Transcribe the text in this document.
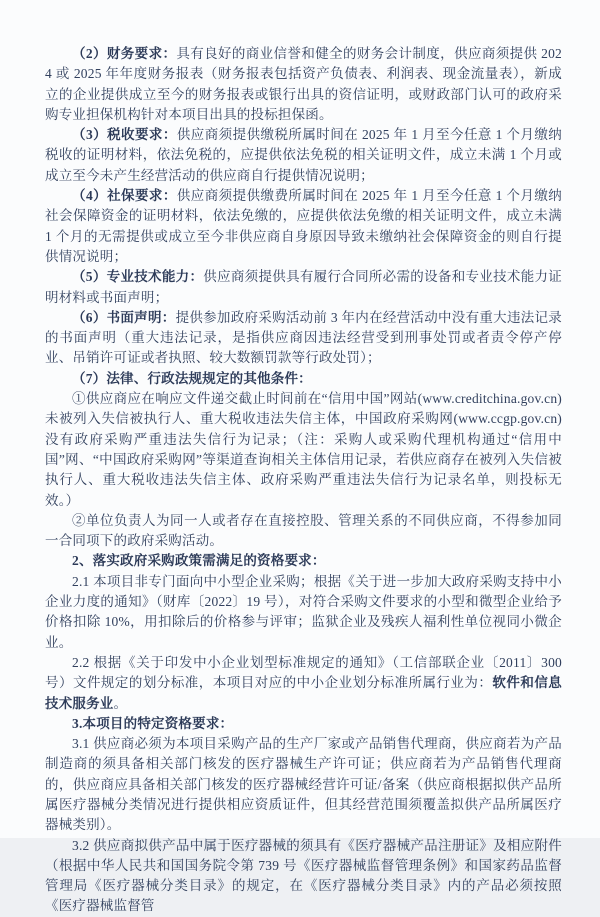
（2）财务要求：具有良好的商业信誉和健全的财务会计制度，供应商须提供 2024 或 2025 年年度财务报表（财务报表包括资产负债表、利润表、现金流量表），新成立的企业提供成立至今的财务报表或银行出具的资信证明，或财政部门认可的政府采购专业担保机构针对本项目出具的投标担保函。

（3）税收要求：供应商须提供缴税所属时间在 2025 年 1 月至今任意 1 个月缴纳税收的证明材料，依法免税的，应提供依法免税的相关证明文件，成立未满 1 个月或成立至今未产生经营活动的供应商自行提供情况说明；

（4）社保要求：供应商须提供缴费所属时间在 2025 年 1 月至今任意 1 个月缴纳社会保障资金的证明材料，依法免缴的，应提供依法免缴的相关证明文件，成立未满 1 个月的无需提供或成立至今非供应商自身原因导致未缴纳社会保障资金的则自行提供情况说明；

（5）专业技术能力：供应商须提供具有履行合同所必需的设备和专业技术能力证明材料或书面声明；

（6）书面声明：提供参加政府采购活动前 3 年内在经营活动中没有重大违法记录的书面声明（重大违法记录，是指供应商因违法经营受到刑事处罚或者责令停产停业、吊销许可证或者执照、较大数额罚款等行政处罚）；

（7）法律、行政法规规定的其他条件：

①供应商应在响应文件递交截止时间前在“信用中国”网站(www.creditchina.gov.cn)未被列入失信被执行人、重大税收违法失信主体，中国政府采购网(www.ccgp.gov.cn)没有政府采购严重违法失信行为记录；（注：采购人或采购代理机构通过“信用中国”网、“中国政府采购网”等渠道查询相关主体信用记录，若供应商存在被列入失信被执行人、重大税收违法失信主体、政府采购严重违法失信行为记录名单，则投标无效。）

②单位负责人为同一人或者存在直接控股、管理关系的不同供应商，不得参加同一合同项下的政府采购活动。

2、落实政府采购政策需满足的资格要求：

2.1 本项目非专门面向中小型企业采购；根据《关于进一步加大政府采购支持中小企业力度的通知》（财库〔2022〕19 号），对符合采购文件要求的小型和微型企业给予价格扣除 10%，用扣除后的价格参与评审；监狱企业及残疾人福利性单位视同小微企业。

2.2 根据《关于印发中小企业划型标准规定的通知》（工信部联企业〔2011〕300 号）文件规定的划分标准，本项目对应的中小企业划分标准所属行业为：软件和信息技术服务业。

3.本项目的特定资格要求：

3.1 供应商必须为本项目采购产品的生产厂家或产品销售代理商，供应商若为产品制造商的须具备相关部门核发的医疗器械生产许可证；供应商若为产品销售代理商的，供应商应具备相关部门核发的医疗器械经营许可证/备案（供应商根据拟供产品所属医疗器械分类情况进行提供相应资质证件，但其经营范围须覆盖拟供产品所属医疗器械类别）。

3.2 供应商拟供产品中属于医疗器械的须具有《医疗器械产品注册证》及相应附件（根据中华人民共和国国务院令第 739 号《医疗器械监督管理条例》和国家药品监督管理局《医疗器械分类目录》的规定，在《医疗器械分类目录》内的产品必须按照《医疗器械监督管
